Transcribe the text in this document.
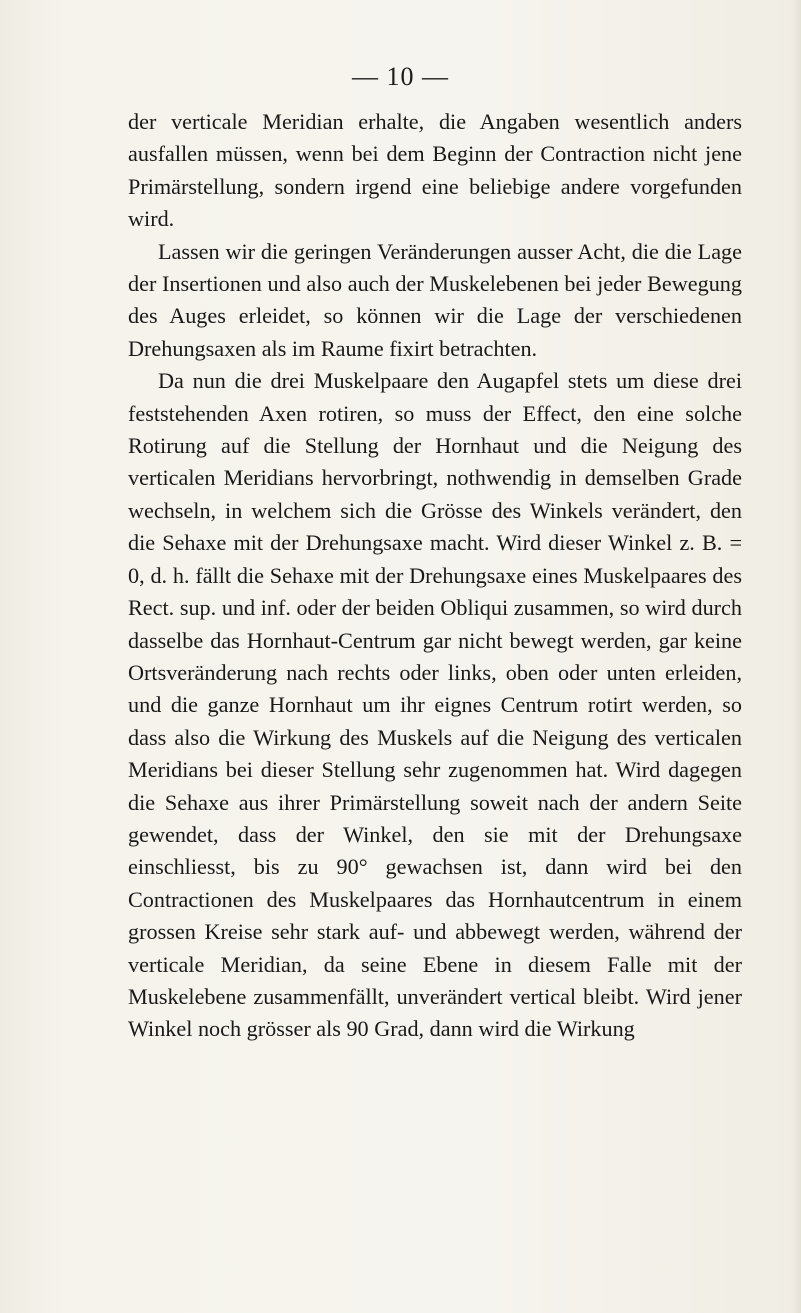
— 10 —

der verticale Meridian erhalte, die Angaben wesentlich anders ausfallen müssen, wenn bei dem Beginn der Contraction nicht jene Primärstellung, sondern irgend eine beliebige andere vorgefunden wird.

Lassen wir die geringen Veränderungen ausser Acht, die die Lage der Insertionen und also auch der Muskelebenen bei jeder Bewegung des Auges erleidet, so können wir die Lage der verschiedenen Drehungsaxen als im Raume fixirt betrachten.

Da nun die drei Muskelpaare den Augapfel stets um diese drei feststehenden Axen rotiren, so muss der Effect, den eine solche Rotirung auf die Stellung der Hornhaut und die Neigung des verticalen Meridians hervorbringt, nothwendig in demselben Grade wechseln, in welchem sich die Grösse des Winkels verändert, den die Sehaxe mit der Drehungsaxe macht. Wird dieser Winkel z. B. = 0, d. h. fällt die Sehaxe mit der Drehungsaxe eines Muskelpaares des Rect. sup. und inf. oder der beiden Obliqui zusammen, so wird durch dasselbe das Hornhaut-Centrum gar nicht bewegt werden, gar keine Ortsveränderung nach rechts oder links, oben oder unten erleiden, und die ganze Hornhaut um ihr eignes Centrum rotirt werden, so dass also die Wirkung des Muskels auf die Neigung des verticalen Meridians bei dieser Stellung sehr zugenommen hat. Wird dagegen die Sehaxe aus ihrer Primärstellung soweit nach der andern Seite gewendet, dass der Winkel, den sie mit der Drehungsaxe einschliesst, bis zu 90° gewachsen ist, dann wird bei den Contractionen des Muskelpaares das Hornhautcentrum in einem grossen Kreise sehr stark auf- und abbewegt werden, während der verticale Meridian, da seine Ebene in diesem Falle mit der Muskelebene zusammenfällt, unverändert vertical bleibt. Wird jener Winkel noch grösser als 90 Grad, dann wird die Wirkung
